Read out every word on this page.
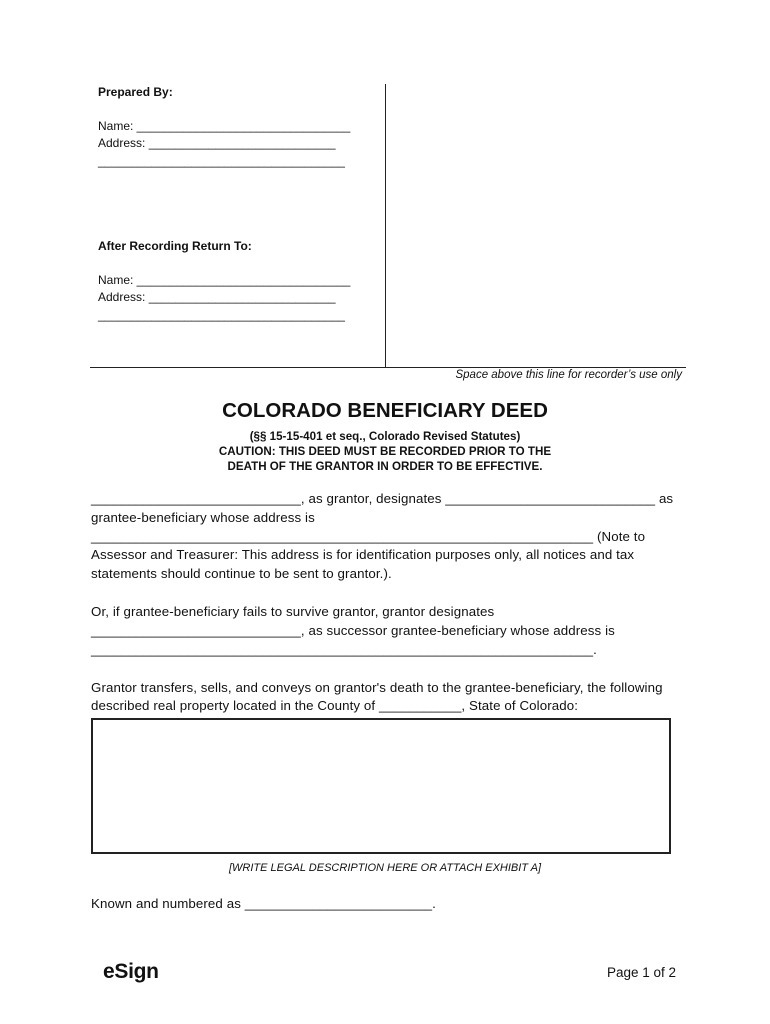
Prepared By:
Name: ________________________________
Address: ____________________________
_____________________________________
After Recording Return To:
Name: ________________________________
Address: ____________________________
_____________________________________
Space above this line for recorder’s use only
COLORADO BENEFICIARY DEED
(§§ 15-15-401 et seq., Colorado Revised Statutes)
CAUTION: THIS DEED MUST BE RECORDED PRIOR TO THE
DEATH OF THE GRANTOR IN ORDER TO BE EFFECTIVE.
____________________________, as grantor, designates ____________________________ as
grantee-beneficiary whose address is
___________________________________________________________________ (Note to
Assessor and Treasurer: This address is for identification purposes only, all notices and tax
statements should continue to be sent to grantor.).
Or, if grantee-beneficiary fails to survive grantor, grantor designates
____________________________, as successor grantee-beneficiary whose address is
___________________________________________________________________.
Grantor transfers, sells, and conveys on grantor's death to the grantee-beneficiary, the following
described real property located in the County of ___________, State of Colorado:
[WRITE LEGAL DESCRIPTION HERE OR ATTACH EXHIBIT A]
Known and numbered as _________________________.
eSign	Page 1 of 2
